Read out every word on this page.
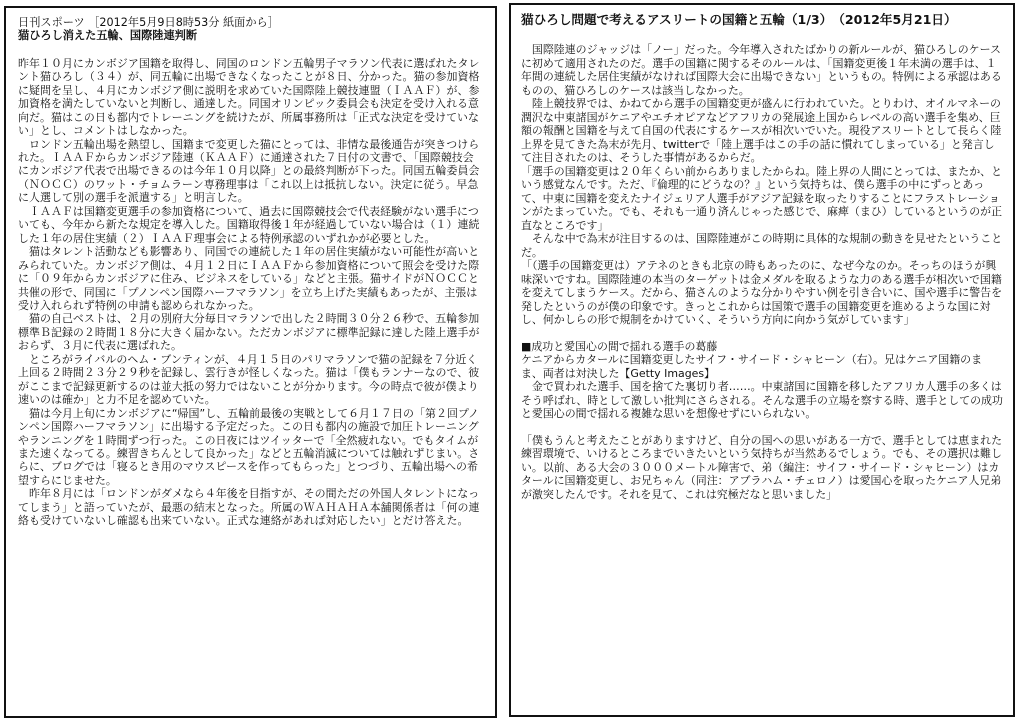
日刊スポーツ ［2012年5月9日8時53分 紙面から］
猫ひろし消えた五輪、国際陸連判断

昨年１０月にカンボジア国籍を取得し、同国のロンドン五輪男子マラソン代表に選ばれたタレント猫ひろし（３４）が、同五輪に出場できなくなったことが８日、分かった。猫の参加資格に疑問を呈し、４月にカンボジア側に説明を求めていた国際陸上競技連盟（ＩＡＡＦ）が、参加資格を満たしていないと判断し、通達した。同国オリンピック委員会も決定を受け入れる意向だ。猫はこの日も都内でトレーニングを続けたが、所属事務所は「正式な決定を受けていない」とし、コメントはしなかった。

　ロンドン五輪出場を熱望し、国籍まで変更した猫にとっては、非情な最後通告が突きつけられた。ＩＡＡＦからカンボジア陸連（ＫＡＡＦ）に通達された７日付の文書で、「国際競技会にカンボジア代表で出場できるのは今年１０月以降」との最終判断が下った。同国五輪委員会（ＮＯＣＣ）のワット・チョムラーン専務理事は「これ以上は抵抗しない。決定に従う。早急に人選して別の選手を派遣する」と明言した。

　ＩＡＡＦは国籍変更選手の参加資格について、過去に国際競技会で代表経験がない選手についても、今年から新たな規定を導入した。国籍取得後１年が経過していない場合は（１）連続した１年の居住実績（２）ＩＡＡＦ理事会による特例承認のいずれかが必要とした。

　猫はタレント活動なども影響あり、同国での連続した１年の居住実績がない可能性が高いとみられていた。カンボジア側は、４月１２日にＩＡＡＦから参加資格について照会を受けた際に「０９年からカンボジアに住み、ビジネスをしている」などと主張。猫サイドがＮＯＣＣと共催の形で、同国に「プノンペン国際ハーフマラソン」を立ち上げた実績もあったが、主張は受け入れられず特例の申請も認められなかった。

　猫の自己ベストは、２月の別府大分毎日マラソンで出した２時間３０分２６秒で、五輪参加標準Ｂ記録の２時間１８分に大きく届かない。ただカンボジアに標準記録に達した陸上選手がおらず、３月に代表に選ばれた。

　ところがライバルのヘム・ブンティンが、４月１５日のパリマラソンで猫の記録を７分近く上回る２時間２３分２９秒を記録し、雲行きが怪しくなった。猫は「僕もランナーなので、彼がここまで記録更新するのは並大抵の努力ではないことが分かります。今の時点で彼が僕より速いのは確か」と力不足を認めていた。

　猫は今月上旬にカンボジアに“帰国”し、五輪前最後の実戦として６月１７日の「第２回プノンペン国際ハーフマラソン」に出場する予定だった。この日も都内の施設で加圧トレーニングやランニングを１時間ずつ行った。この日夜にはツイッターで「全然疲れない。でもタイムがまた速くなってる。練習きちんとして良かった」などと五輪消滅については触れずじまい。さらに、ブログでは「寝るとき用のマウスピースを作ってもらった」とつづり、五輪出場への希望すらにじませた。

　昨年８月には「ロンドンがダメなら４年後を目指すが、その間ただの外国人タレントになってしまう」と語っていたが、最悪の結末となった。所属のＷＡＨＡＨＡ本舗関係者は「何の連絡も受けていないし確認も出来ていない。正式な連絡があれば対応したい」とだけ答えた。

猫ひろし問題で考えるアスリートの国籍と五輪（1/3）　（2012年5月21日）

　国際陸連のジャッジは「ノー」だった。今年導入されたばかりの新ルールが、猫ひろしのケースに初めて適用されたのだ。選手の国籍に関するそのルールは、「国籍変更後１年未満の選手は、１年間の連続した居住実績がなければ国際大会に出場できない」というもの。特例による承認はあるものの、猫ひろしのケースは該当しなかった。

　陸上競技界では、かねてから選手の国籍変更が盛んに行われていた。とりわけ、オイルマネーの潤沢な中東諸国がケニアやエチオピアなどアフリカの発展途上国からレベルの高い選手を集め、巨額の報酬と国籍を与えて自国の代表にするケースが相次いでいた。現役アスリートとして長らく陸上界を見てきた為末が先月、twitterで「陸上選手はこの手の話に慣れてしまっている」と発言して注目されたのは、そうした事情があるからだ。

「選手の国籍変更は２０年くらい前からありましたからね。陸上界の人間にとっては、またか、という感覚なんです。ただ、『倫理的にどうなの？』という気持ちは、僕ら選手の中にずっとあって、中東に国籍を変えたナイジェリア人選手がアジア記録を取ったりすることにフラストレーションがたまっていた。でも、それも一通り済んじゃった感じで、麻痺（まひ）しているというのが正直なところです」

　そんな中で為末が注目するのは、国際陸連がこの時期に具体的な規制の動きを見せたということだ。

「（選手の国籍変更は）アテネのときも北京の時もあったのに、なぜ今なのか。そっちのほうが興味深いですね。国際陸連の本当のターゲットは金メダルを取るような力のある選手が相次いで国籍を変えてしまうケース。だから、猫さんのような分かりやすい例を引き合いに、国や選手に警告を発したというのが僕の印象です。きっとこれからは国策で選手の国籍変更を進めるような国に対し、何かしらの形で規制をかけていく、そういう方向に向かう気がしています」

■成功と愛国心の間で揺れる選手の葛藤

ケニアからカタールに国籍変更したサイフ・サイード・シャヒーン（右）。兄はケニア国籍のまま、両者は対決した【Getty Images】

　金で買われた選手、国を捨てた裏切り者……。中東諸国に国籍を移したアフリカ人選手の多くはそう呼ばれ、時として激しい批判にさらされる。そんな選手の立場を察する時、選手としての成功と愛国心の間で揺れる複雑な思いを想像せずにいられない。

「僕もうんと考えたことがありますけど、自分の国への思いがある一方で、選手としては恵まれた練習環境で、いけるところまでいきたいという気持ちが当然あるでしょう。でも、その選択は難しい。以前、ある大会の３０００メートル障害で、弟（編注：サイフ・サイード・シャヒーン）はカタールに国籍変更し、お兄ちゃん（同注：アブラハム・チェロノ）は愛国心を取ったケニア人兄弟が激突したんです。それを見て、これは究極だなと思いました」
